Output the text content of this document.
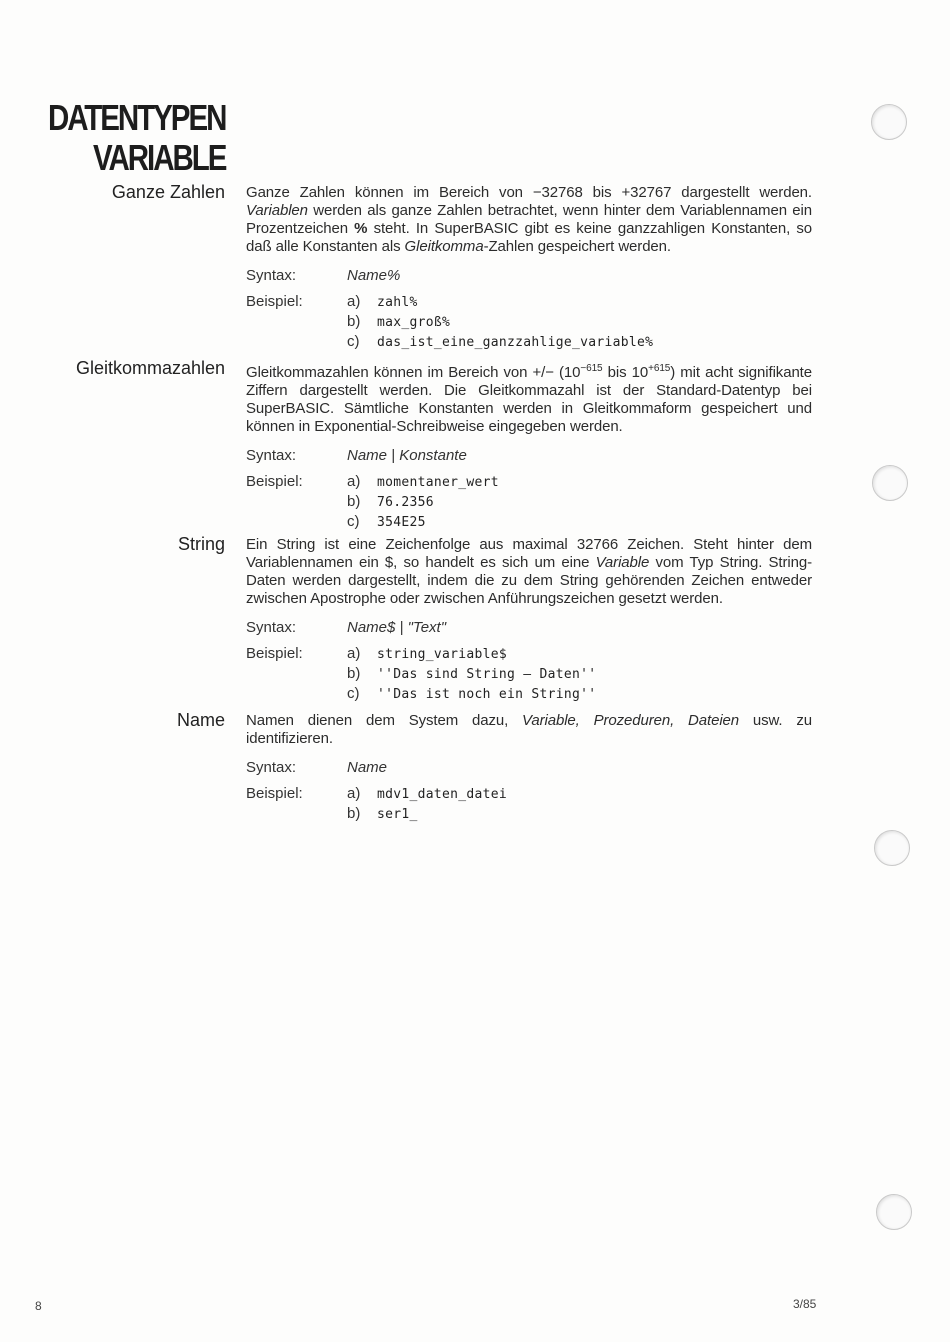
DATENTYPEN
VARIABLE
Ganze Zahlen Ganze Zahlen können im Bereich von −32768 bis +32767 dargestellt werden. Variablen werden als ganze Zahlen betrachtet, wenn hinter dem Variablennamen ein Prozentzeichen % steht. In SuperBASIC gibt es keine ganzzahligen Konstanten, so daß alle Konstanten als Gleitkomma-Zahlen gespeichert werden.

Syntax:	Name%
Beispiel:	a) zahl%
b) max_groß%
c) das_ist_eine_ganzzahlige_variable%
Gleitkommazahlen Gleitkommazahlen können im Bereich von +/− ($10^{-615}$ bis $10^{+615}$) mit acht signifikante Ziffern dargestellt werden. Die Gleitkommazahl ist der Standard-Datentyp bei SuperBASIC. Sämtliche Konstanten werden in Gleitkommaform gespeichert und können in Exponential-Schreibweise eingegeben werden.

Syntax:	Name | Konstante
Beispiel:	a) momentaner_wert
b) 76.2356
c) 354E25
String Ein String ist eine Zeichenfolge aus maximal 32766 Zeichen. Steht hinter dem Variablennamen ein $, so handelt es sich um eine Variable vom Typ String. String-Daten werden dargestellt, indem die zu dem String gehörenden Zeichen entweder zwischen Apostrophe oder zwischen Anführungszeichen gesetzt werden.

Syntax:	Name$ | "Text"
Beispiel:	a) string_variable$
b) ''Das sind String – Daten''
c) ''Das ist noch ein String''
Name Namen dienen dem System dazu, Variable, Prozeduren, Dateien usw. zu identifizieren.

Syntax:	Name
Beispiel:	a) mdv1_daten_datei
b) ser1_
8	3/85
